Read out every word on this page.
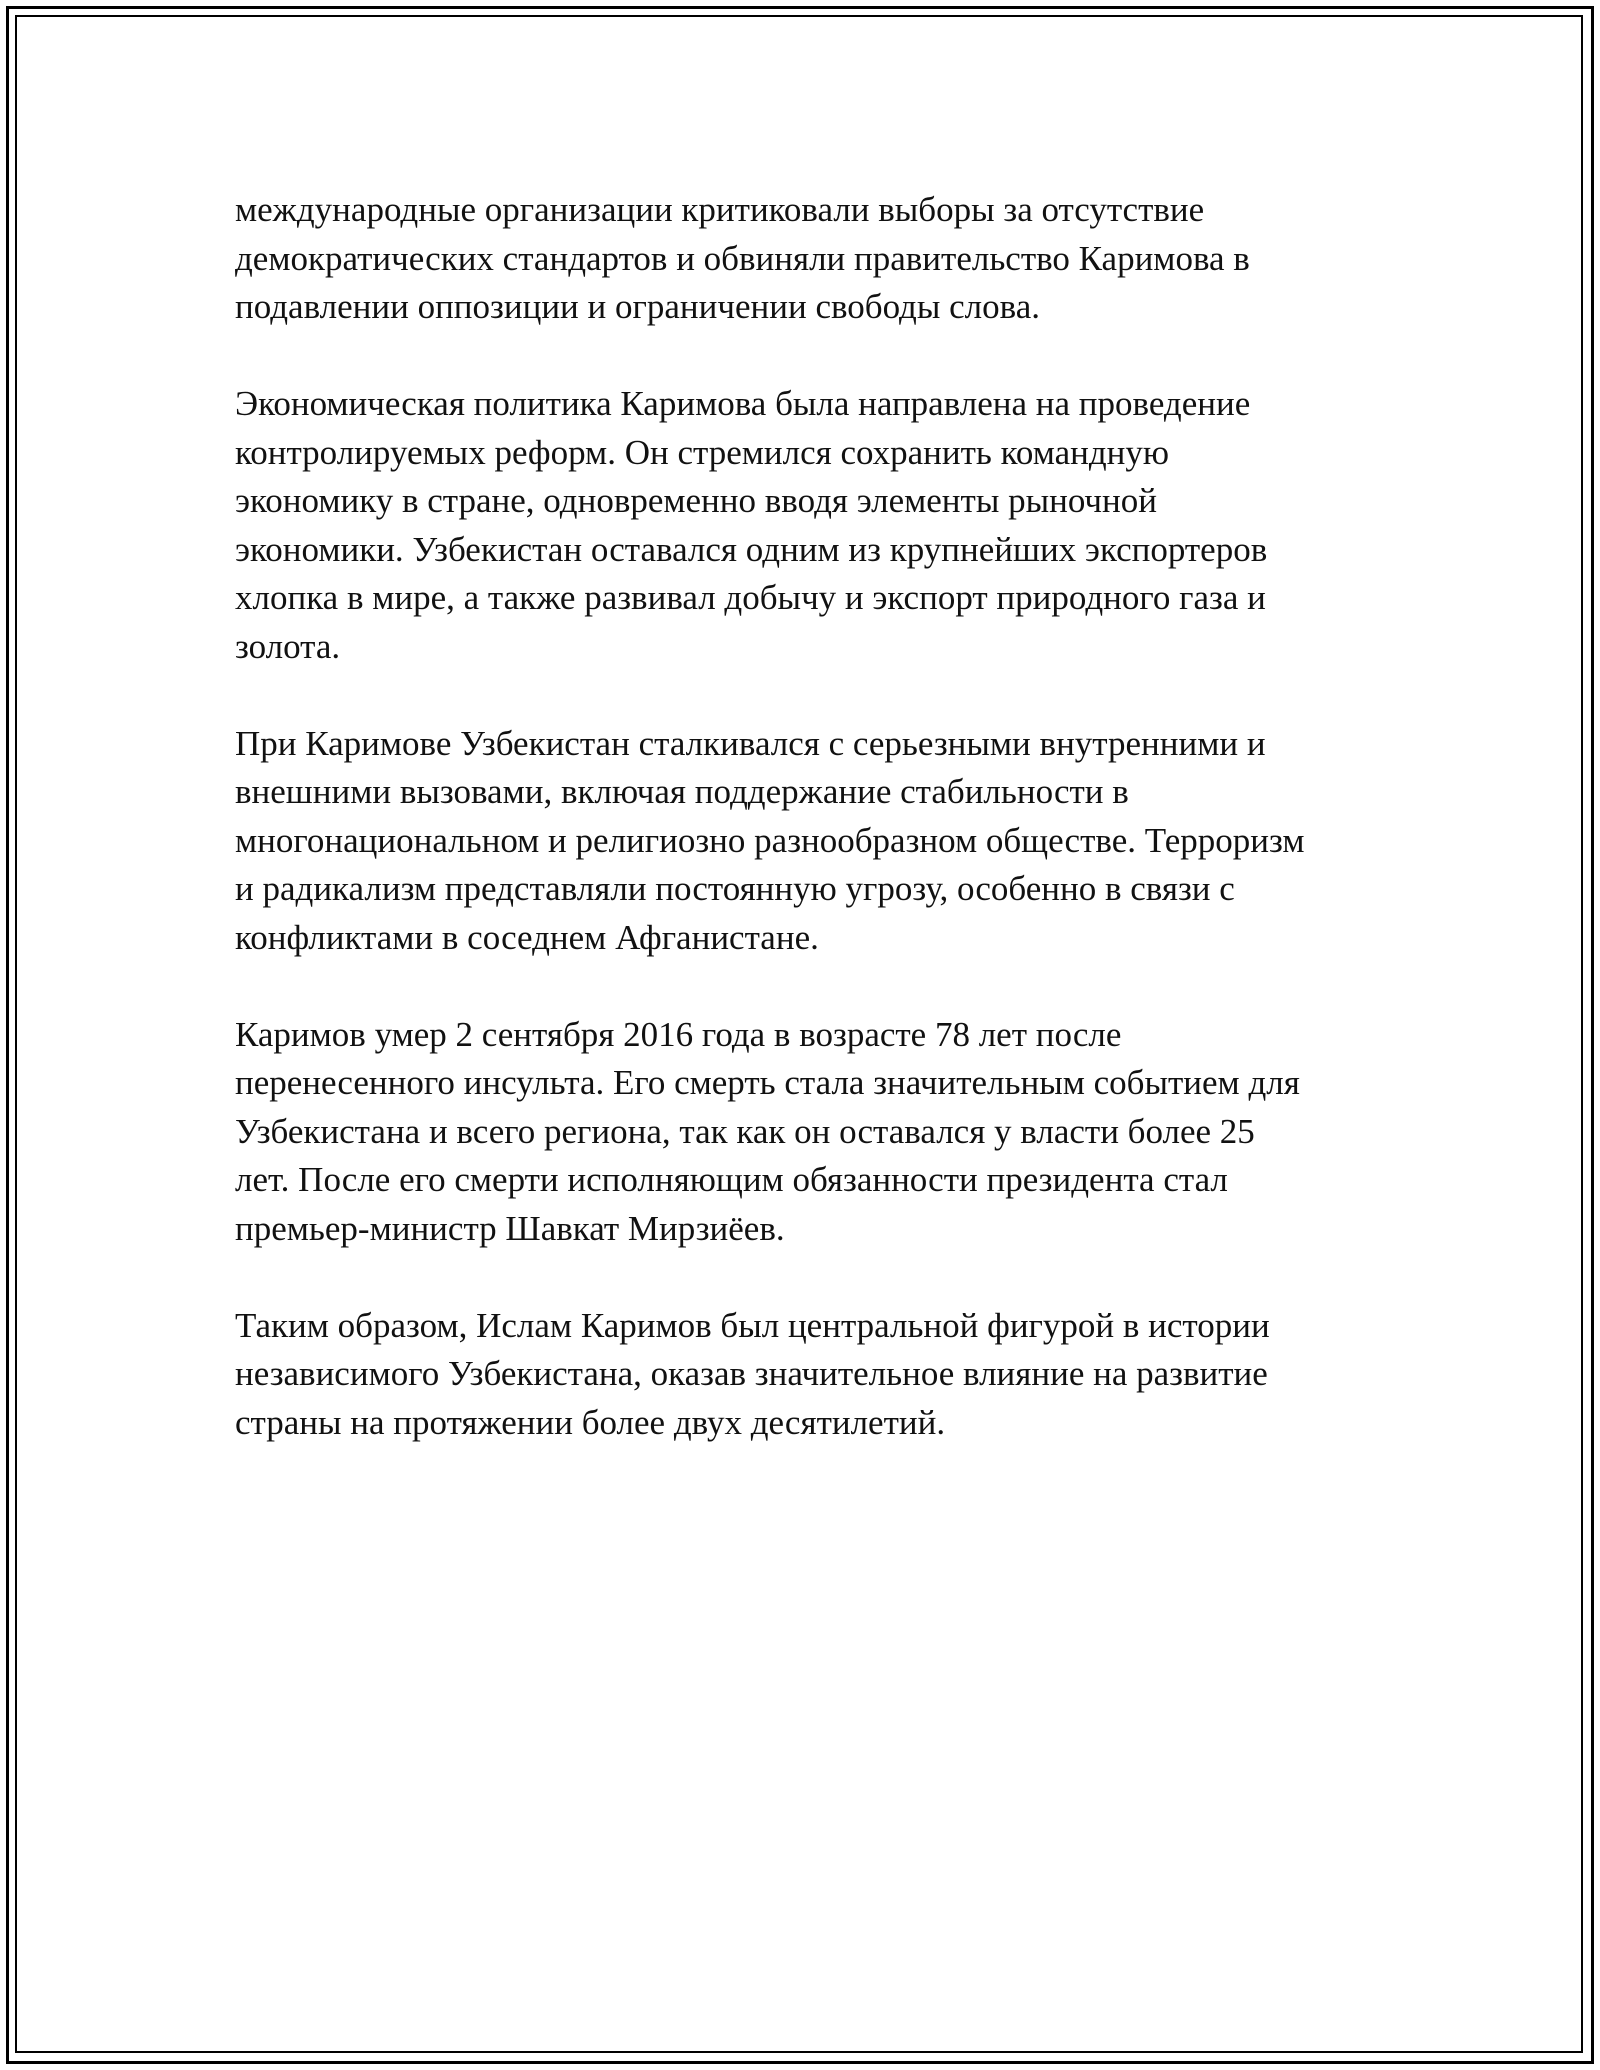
международные организации критиковали выборы за отсутствие
демократических стандартов и обвиняли правительство Каримова в
подавлении оппозиции и ограничении свободы слова.

Экономическая политика Каримова была направлена на проведение
контролируемых реформ. Он стремился сохранить командную
экономику в стране, одновременно вводя элементы рыночной
экономики. Узбекистан оставался одним из крупнейших экспортеров
хлопка в мире, а также развивал добычу и экспорт природного газа и
золота.

При Каримове Узбекистан сталкивался с серьезными внутренними и
внешними вызовами, включая поддержание стабильности в
многонациональном и религиозно разнообразном обществе. Терроризм
и радикализм представляли постоянную угрозу, особенно в связи с
конфликтами в соседнем Афганистане.

Каримов умер 2 сентября 2016 года в возрасте 78 лет после
перенесенного инсульта. Его смерть стала значительным событием для
Узбекистана и всего региона, так как он оставался у власти более 25
лет. После его смерти исполняющим обязанности президента стал
премьер-министр Шавкат Мирзиёев.

Таким образом, Ислам Каримов был центральной фигурой в истории
независимого Узбекистана, оказав значительное влияние на развитие
страны на протяжении более двух десятилетий.
